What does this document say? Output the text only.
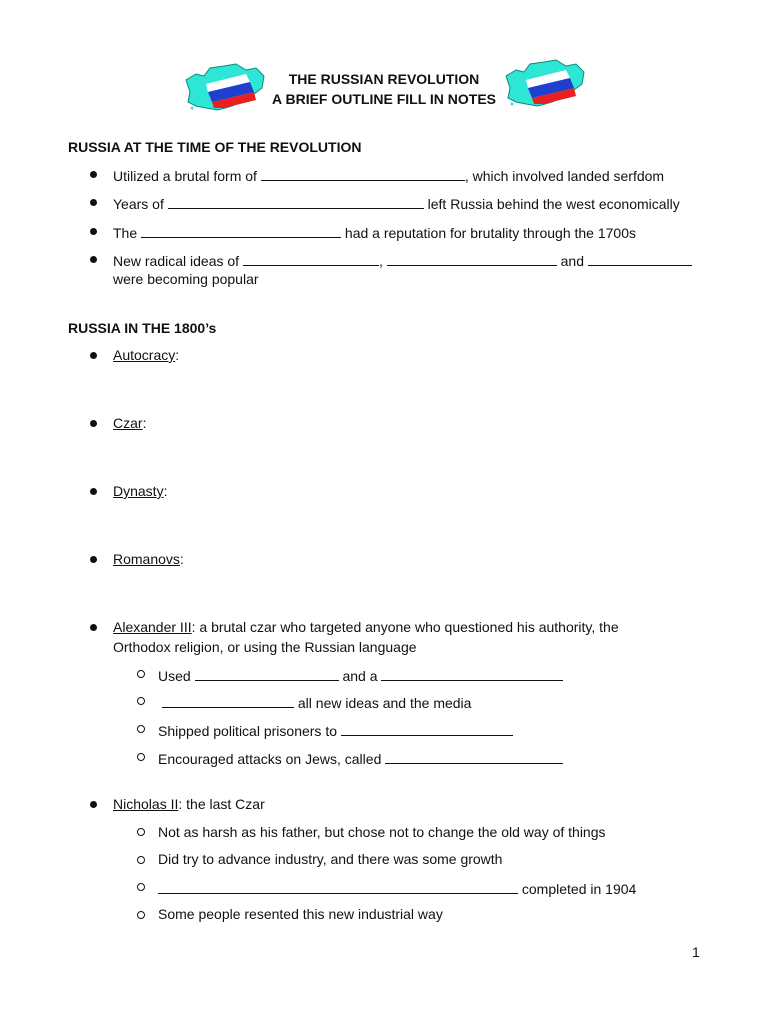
THE RUSSIAN REVOLUTION
A BRIEF OUTLINE FILL IN NOTES
RUSSIA AT THE TIME OF THE REVOLUTION
Utilized a brutal form of	, which involved landed serfdom
Years of	left Russia behind the west economically
The	had a reputation for brutality through the 1700s
New radical ideas of	,	and
were becoming popular
RUSSIA IN THE 1800’s
Autocracy:
Czar:
Dynasty:
Romanovs:
Alexander III: a brutal czar who targeted anyone who questioned his authority, the
Orthodox religion, or using the Russian language
Used	and a
all new ideas and the media
Shipped political prisoners to
Encouraged attacks on Jews, called
Nicholas II: the last Czar
Not as harsh as his father, but chose not to change the old way of things
Did try to advance industry, and there was some growth
completed in 1904
Some people resented this new industrial way
1
